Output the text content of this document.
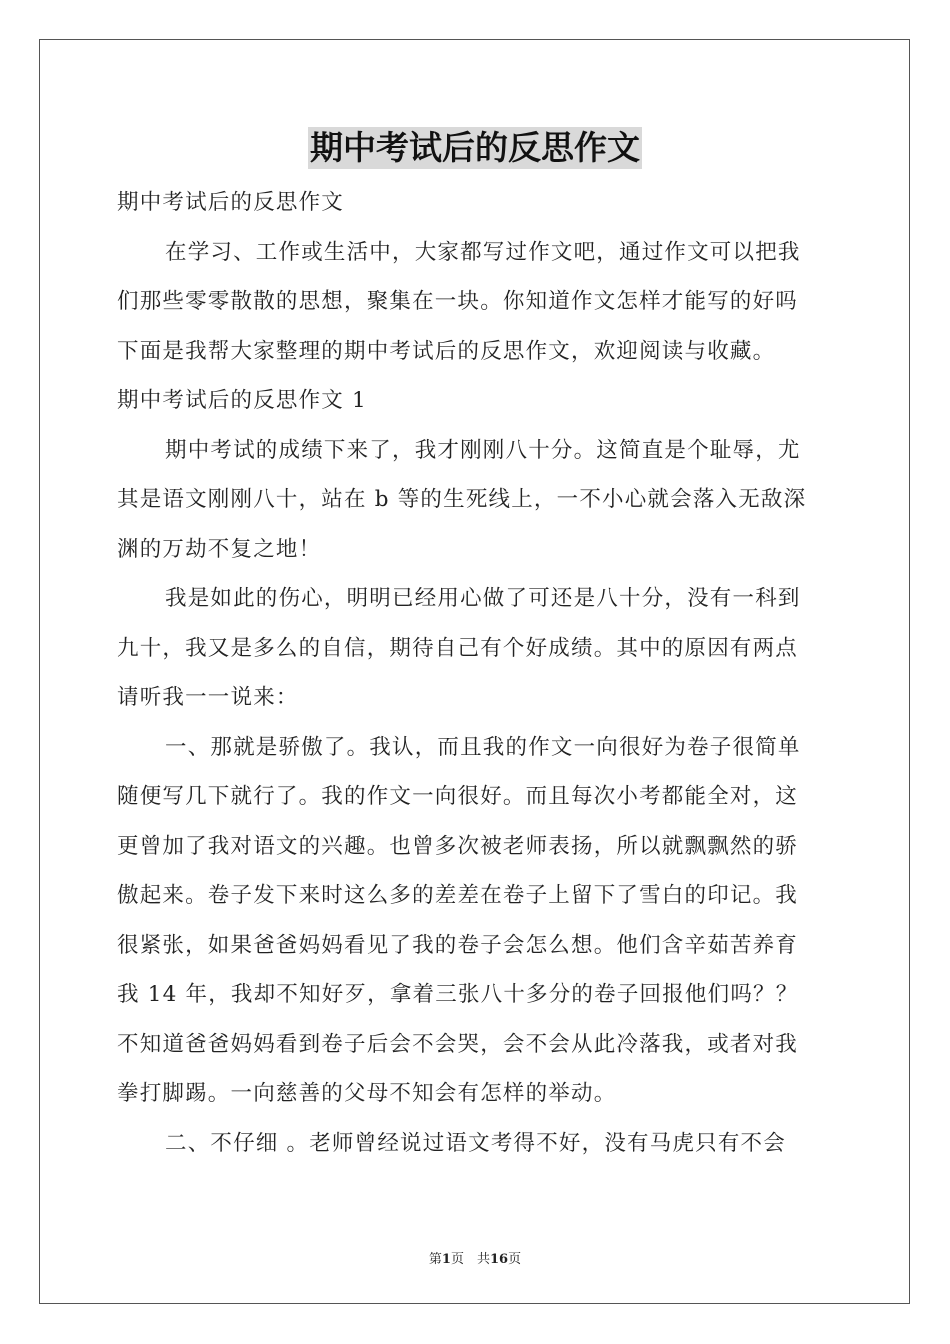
期中考试后的反思作文
期中考试后的反思作文
在学习、工作或生活中，大家都写过作文吧，通过作文可以把我
们那些零零散散的思想，聚集在一块。你知道作文怎样才能写的好吗
下面是我帮大家整理的期中考试后的反思作文，欢迎阅读与收藏。
期中考试后的反思作文 1
期中考试的成绩下来了，我才刚刚八十分。这简直是个耻辱，尤
其是语文刚刚八十，站在 b 等的生死线上，一不小心就会落入无敌深
渊的万劫不复之地！
我是如此的伤心，明明已经用心做了可还是八十分，没有一科到
九十，我又是多么的自信，期待自己有个好成绩。其中的原因有两点
请听我一一说来：
一、那就是骄傲了。我认，而且我的作文一向很好为卷子很简单
随便写几下就行了。我的作文一向很好。而且每次小考都能全对，这
更曾加了我对语文的兴趣。也曾多次被老师表扬，所以就飘飘然的骄
傲起来。卷子发下来时这么多的差差在卷子上留下了雪白的印记。我
很紧张，如果爸爸妈妈看见了我的卷子会怎么想。他们含辛茹苦养育
我 14 年，我却不知好歹，拿着三张八十多分的卷子回报他们吗？？
不知道爸爸妈妈看到卷子后会不会哭，会不会从此冷落我，或者对我
拳打脚踢。一向慈善的父母不知会有怎样的举动。
二、不仔细 。老师曾经说过语文考得不好，没有马虎只有不会
第1页　共16页
